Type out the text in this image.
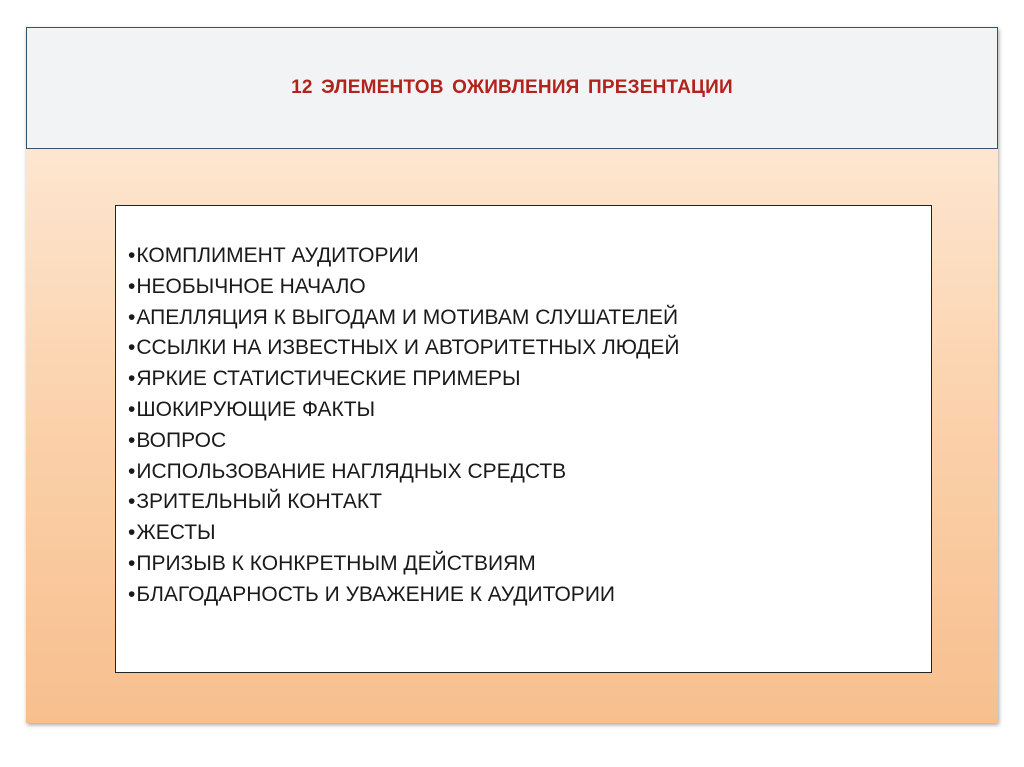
12 ЭЛЕМЕНТОВ ОЖИВЛЕНИЯ ПРЕЗЕНТАЦИИ
•КОМПЛИМЕНТ АУДИТОРИИ
•НЕОБЫЧНОЕ НАЧАЛО
•АПЕЛЛЯЦИЯ К ВЫГОДАМ И МОТИВАМ СЛУШАТЕЛЕЙ
•ССЫЛКИ НА ИЗВЕСТНЫХ И АВТОРИТЕТНЫХ ЛЮДЕЙ
•ЯРКИЕ СТАТИСТИЧЕСКИЕ ПРИМЕРЫ
•ШОКИРУЮЩИЕ ФАКТЫ
•ВОПРОС
•ИСПОЛЬЗОВАНИЕ НАГЛЯДНЫХ СРЕДСТВ
•ЗРИТЕЛЬНЫЙ КОНТАКТ
•ЖЕСТЫ
•ПРИЗЫВ К КОНКРЕТНЫМ ДЕЙСТВИЯМ
•БЛАГОДАРНОСТЬ И УВАЖЕНИЕ К АУДИТОРИИ
